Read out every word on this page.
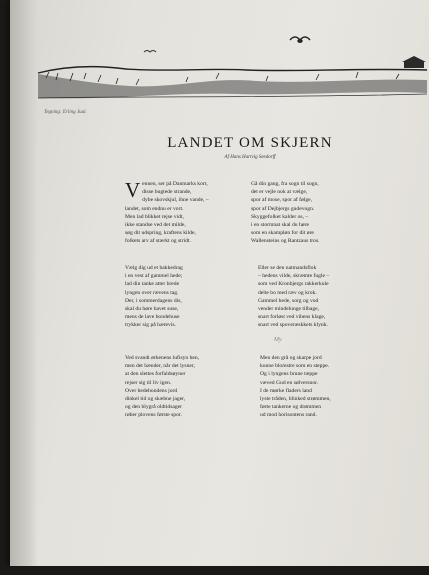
Tegning: Erling Juul.
LANDET OM SKJERN
Af Hans Hartvig Seedorff
Vennen, ser på Danmarks kort,
disse bugtede strande,
dybe skovskjul, ihne vande, –
landet, som endnu er vort.
Men lad blikket rejse vidt,
ikke standse ved det milde,
søg dit udspring, kraftens kilde,
folkets arv af stærkt og stridt.
Gå din gang, fra sogn til sogn,
det er vejle nok at vælge,
spor af mose, spor af følge,
spor af Dejbjergs gudevogn.
Skyggefolket kalder os, –
i en stormnat skal du høre
som en skampløn for dit øre
Wallensteins og Rantzaus tros.
Vælg dig ud et bakkedrag
i en vest af gammel hede;
lad din tanke atter brede
lyngen over rævens tag.
Der, i sommerdagens dis,
skal du høre havet suse,
mens de lave bondehuse
trykker sig på hærevis.
Eller se den natmandsflok
– hedens vilde, skræmte fugle –
som ved Kronbjergs rakkerkule
delte bo med ræv og krok.
Gammel hede, sorg og vod
vender mindelunge tilbage,
snart forløst ved vibens klage,
snart ved spoveræskkets klynk.
My
Ved svandt ørkenens lufisyn hen,
men det hænder, når det lysner,
at den slettes forfaldsøyner
rejser sig til liv igen.
Over hedebondens jord
dinkel tid og skæbne jager,
og den blygrå oldtidsager
røber plovens første spor.
Men den grå og skarpe jord
kunne blomstre som en steppe.
Og i lyngens brune tæppe
væved Gud en sølversnor.
I de mørke fladers land
lyste tråden, blinked strømmen,
førte tankerne og drømmen
ud mod horisontens rand.
